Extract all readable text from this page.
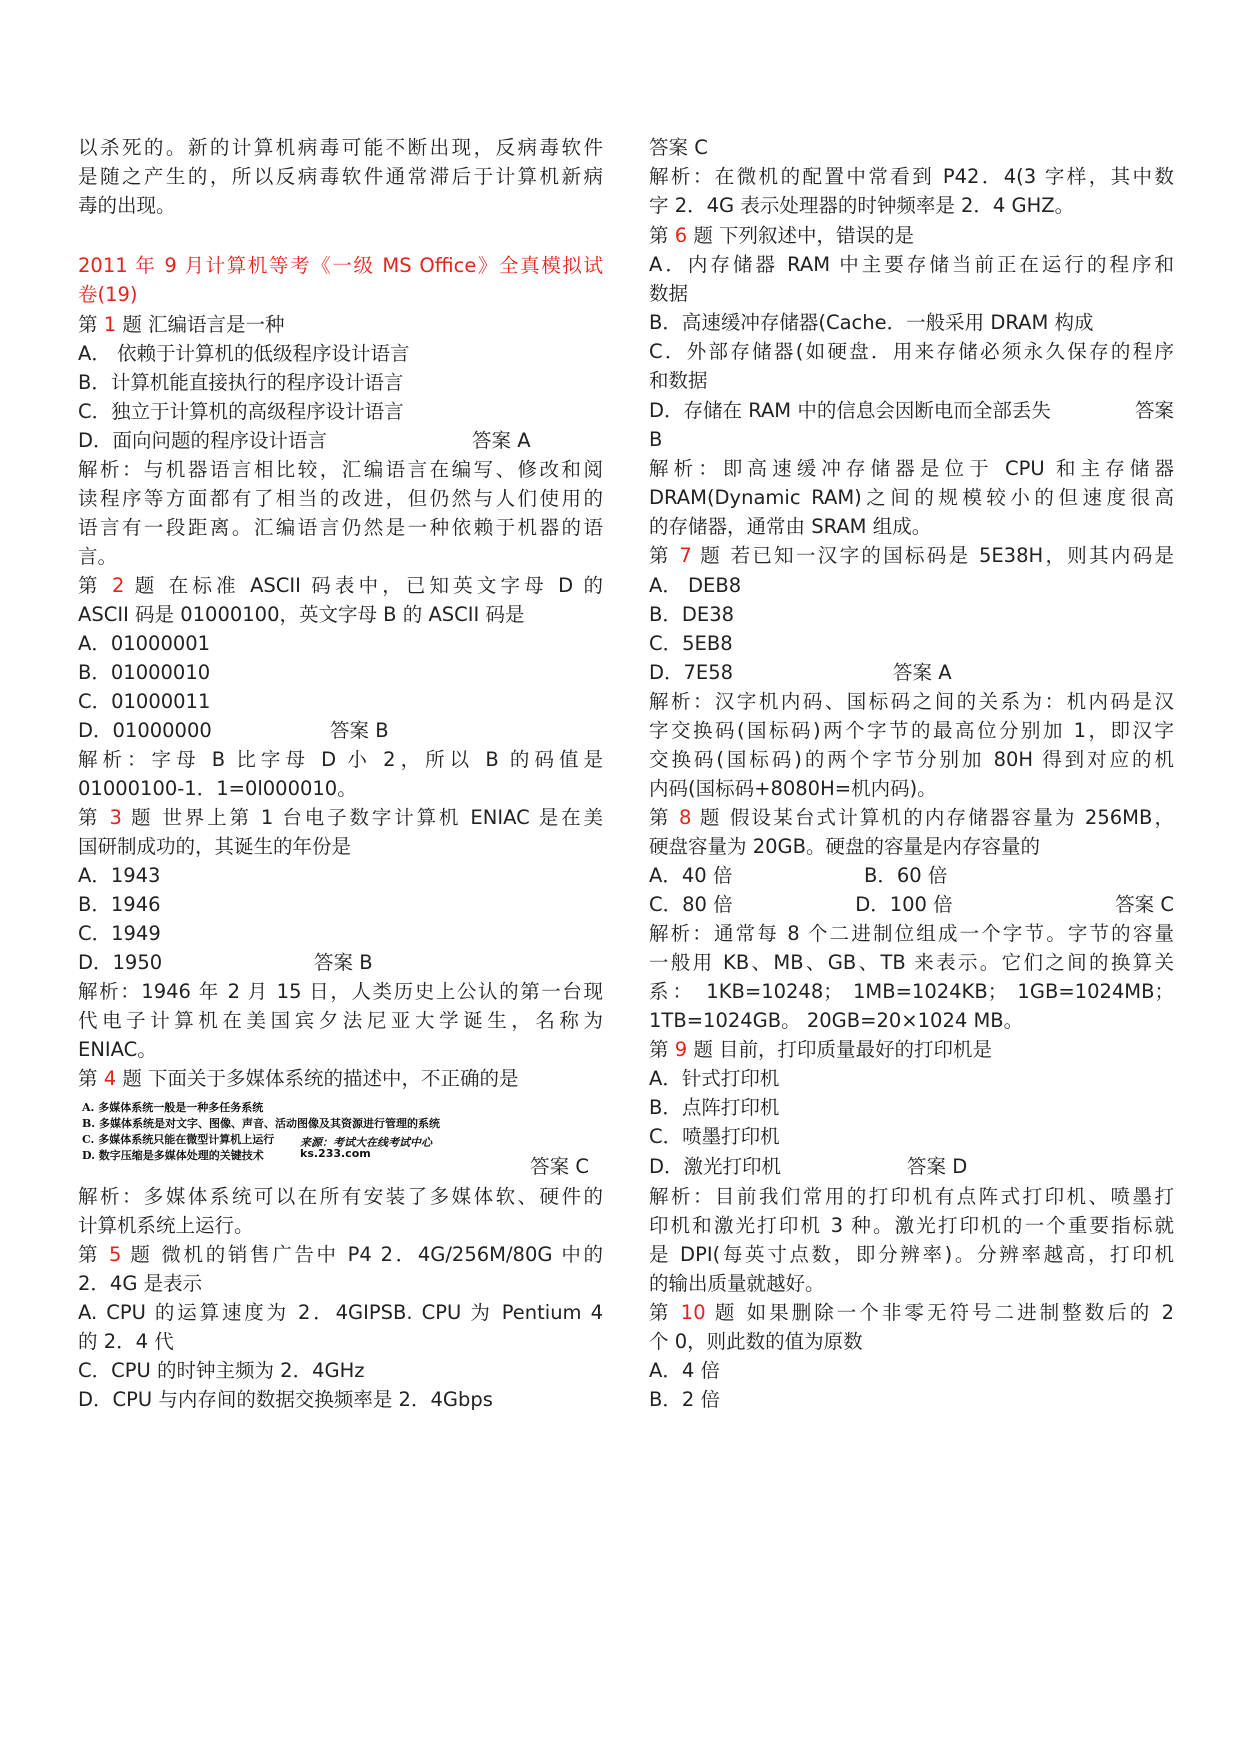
以杀死的。新的计算机病毒可能不断出现，反病毒软件
是随之产生的，所以反病毒软件通常滞后于计算机新病
毒的出现。
2011 年 9 月计算机等考《一级 MS Office》全真模拟试
卷(19)
第 1 题 汇编语言是一种
A． 依赖于计算机的低级程序设计语言
B．计算机能直接执行的程序设计语言
C．独立于计算机的高级程序设计语言
D．面向问题的程序设计语言	答案 A
解析：与机器语言相比较，汇编语言在编写、修改和阅
读程序等方面都有了相当的改进，但仍然与人们使用的
语言有一段距离。汇编语言仍然是一种依赖于机器的语
言。
第 2 题 在标准 ASCII 码表中，已知英文字母 D 的
ASCII 码是 01000100，英文字母 B 的 ASCII 码是
A．01000001
B．01000010
C．01000011
D．01000000	答案 B
解析：字母 B 比字母 D 小 2，所以 B 的码值是
01000100-1．1=0l000010。
第 3 题 世界上第 1 台电子数字计算机 ENIAC 是在美
国研制成功的，其诞生的年份是
A．1943
B．1946
C．1949
D．1950	答案 B
解析：1946 年 2 月 15 日，人类历史上公认的第一台现
代电子计算机在美国宾夕法尼亚大学诞生，名称为
ENIAC。
第 4 题 下面关于多媒体系统的描述中，不正确的是
A. 多媒体系统一般是一种多任务系统
B. 多媒体系统是对文字、图像、声音、活动图像及其资源进行管理的系统
C. 多媒体系统只能在微型计算机上运行
D. 数字压缩是多媒体处理的关键技术
来源：考试大在线考试中心
ks.233.com
答案 C
解析：多媒体系统可以在所有安装了多媒体软、硬件的
计算机系统上运行。
第 5 题 微机的销售广告中 P4 2．4G/256M/80G 中的
2．4G 是表示
A. CPU 的运算速度为 2．4GIPSB. CPU 为 Pentium 4
的 2．4 代
C．CPU 的时钟主频为 2．4GHz
D．CPU 与内存间的数据交换频率是 2．4Gbps
答案 C
解析：在微机的配置中常看到 P42．4(3 字样，其中数
字 2．4G 表示处理器的时钟频率是 2．4 GHZ。
第 6 题 下列叙述中，错误的是
A．内存储器 RAM 中主要存储当前正在运行的程序和
数据
B．高速缓冲存储器(Cache．一般采用 DRAM 构成
C．外部存储器(如硬盘．用来存储必须永久保存的程序
和数据
D．存储在 RAM 中的信息会因断电而全部丢失	答案
B
解析：即高速缓冲存储器是位于 CPU 和主存储器
DRAM(Dynamic RAM)之间的规模较小的但速度很高
的存储器，通常由 SRAM 组成。
第 7 题 若已知一汉字的国标码是 5E38H，则其内码是
A． DEB8
B．DE38
C．5EB8
D．7E58	答案 A
解析：汉字机内码、国标码之间的关系为：机内码是汉
字交换码(国标码)两个字节的最高位分别加 1，即汉字
交换码(国标码)的两个字节分别加 80H 得到对应的机
内码(国标码+8080H=机内码)。
第 8 题 假设某台式计算机的内存储器容量为 256MB，
硬盘容量为 20GB。硬盘的容量是内存容量的
A．40 倍	B．60 倍
C．80 倍	D．100 倍	答案 C
解析：通常每 8 个二进制位组成一个字节。字节的容量
一般用 KB、MB、GB、TB 来表示。它们之间的换算关
系： 1KB=10248； 1MB=1024KB； 1GB=1024MB；
1TB=1024GB。 20GB=20×1024 MB。
第 9 题 目前，打印质量最好的打印机是
A．针式打印机
B．点阵打印机
C．喷墨打印机
D．激光打印机	答案 D
解析：目前我们常用的打印机有点阵式打印机、喷墨打
印机和激光打印机 3 种。激光打印机的一个重要指标就
是 DPI(每英寸点数，即分辨率)。分辨率越高，打印机
的输出质量就越好。
第 10 题 如果删除一个非零无符号二进制整数后的 2
个 0，则此数的值为原数
A．4 倍
B．2 倍
